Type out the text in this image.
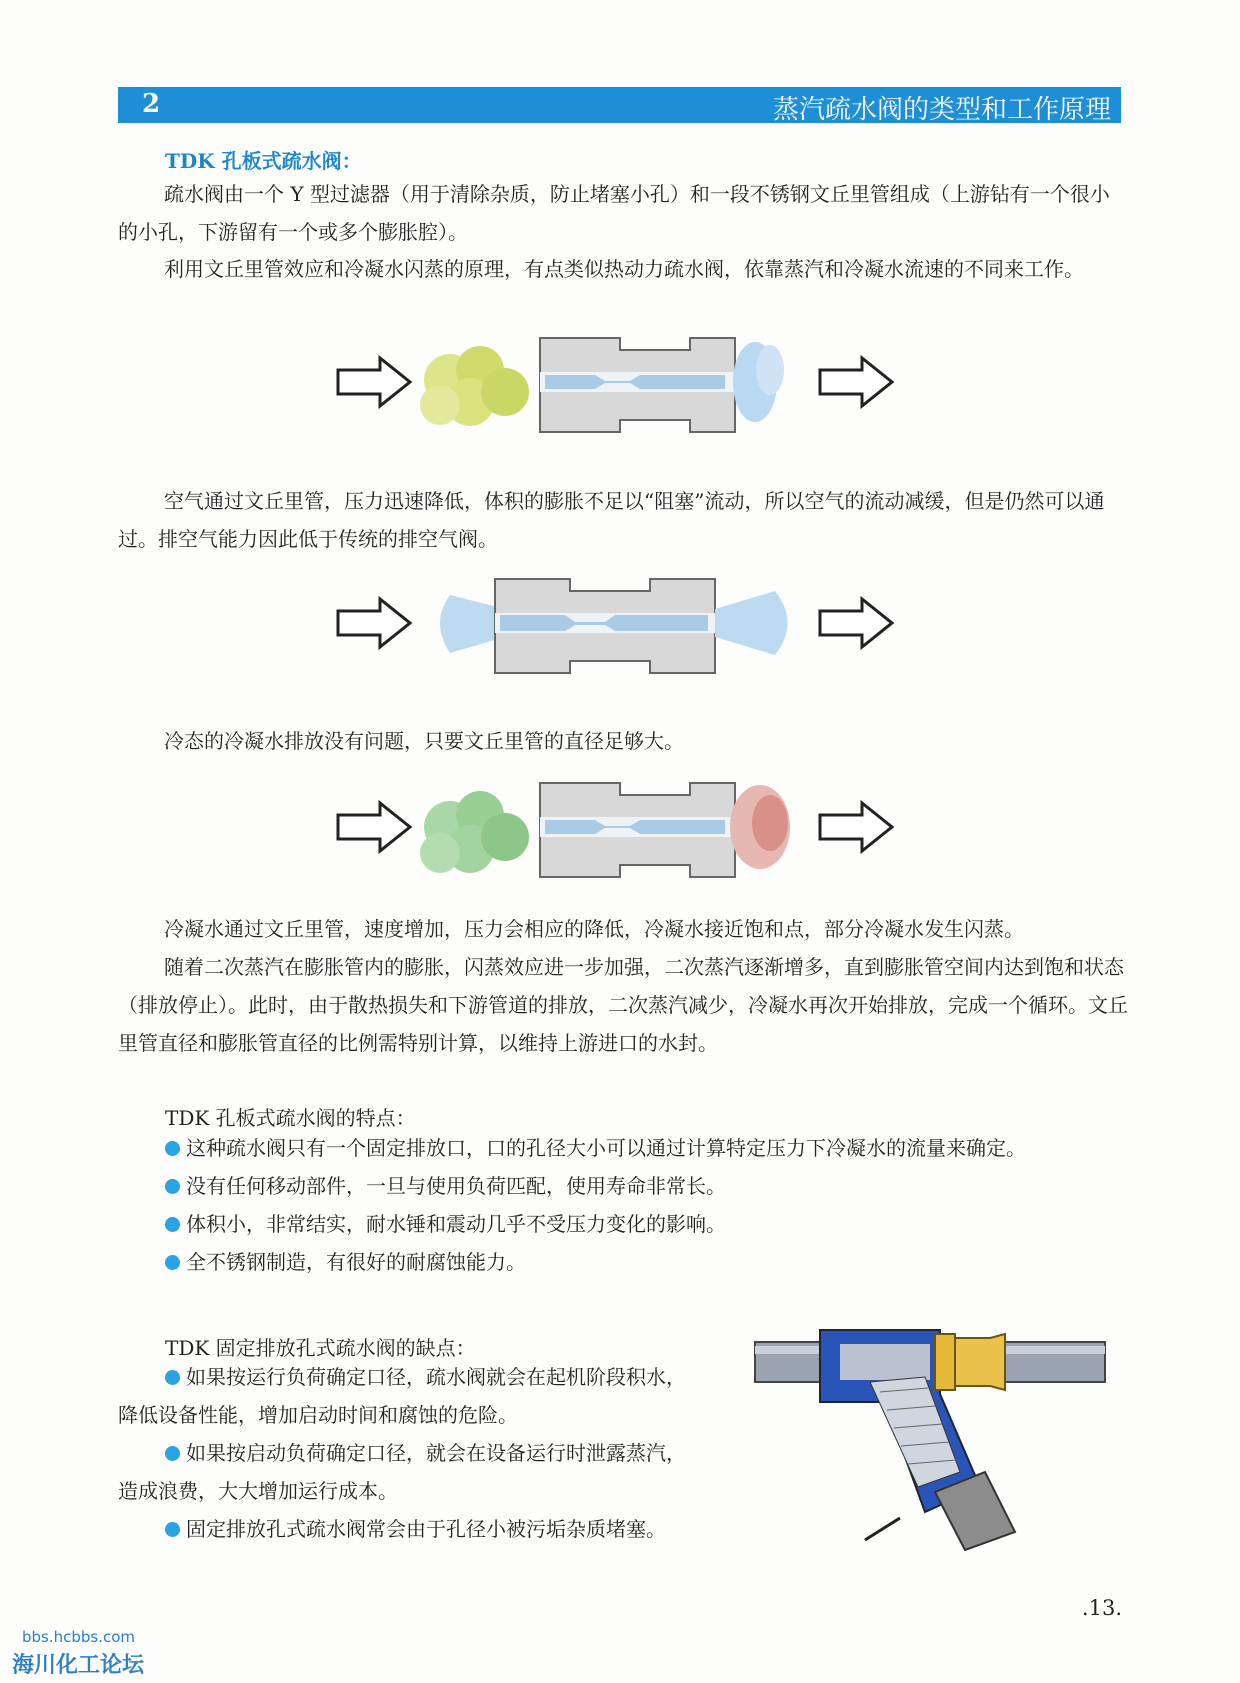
2	蒸汽疏水阀的类型和工作原理
TDK 孔板式疏水阀：

疏水阀由一个 Y 型过滤器（用于清除杂质，防止堵塞小孔）和一段不锈钢文丘里管组成（上游钻有一个很小的小孔，下游留有一个或多个膨胀腔）。

利用文丘里管效应和冷凝水闪蒸的原理，有点类似热动力疏水阀，依靠蒸汽和冷凝水流速的不同来工作。

空气通过文丘里管，压力迅速降低，体积的膨胀不足以“阻塞”流动，所以空气的流动减缓，但是仍然可以通过。排空气能力因此低于传统的排空气阀。

冷态的冷凝水排放没有问题，只要文丘里管的直径足够大。

冷凝水通过文丘里管，速度增加，压力会相应的降低，冷凝水接近饱和点，部分冷凝水发生闪蒸。

随着二次蒸汽在膨胀管内的膨胀，闪蒸效应进一步加强，二次蒸汽逐渐增多，直到膨胀管空间内达到饱和状态（排放停止）。此时，由于散热损失和下游管道的排放，二次蒸汽减少，冷凝水再次开始排放，完成一个循环。文丘里管直径和膨胀管直径的比例需特别计算，以维持上游进口的水封。

TDK 孔板式疏水阀的特点：
这种疏水阀只有一个固定排放口，口的孔径大小可以通过计算特定压力下冷凝水的流量来确定。
没有任何移动部件，一旦与使用负荷匹配，使用寿命非常长。
体积小，非常结实，耐水锤和震动几乎不受压力变化的影响。
全不锈钢制造，有很好的耐腐蚀能力。
TDK 固定排放孔式疏水阀的缺点：
如果按运行负荷确定口径，疏水阀就会在起机阶段积水，
降低设备性能，增加启动时间和腐蚀的危险。
如果按启动负荷确定口径，就会在设备运行时泄露蒸汽，
造成浪费，大大增加运行成本。
固定排放孔式疏水阀常会由于孔径小被污垢杂质堵塞。
.13.
bbs.hcbbs.com
海川化工论坛
